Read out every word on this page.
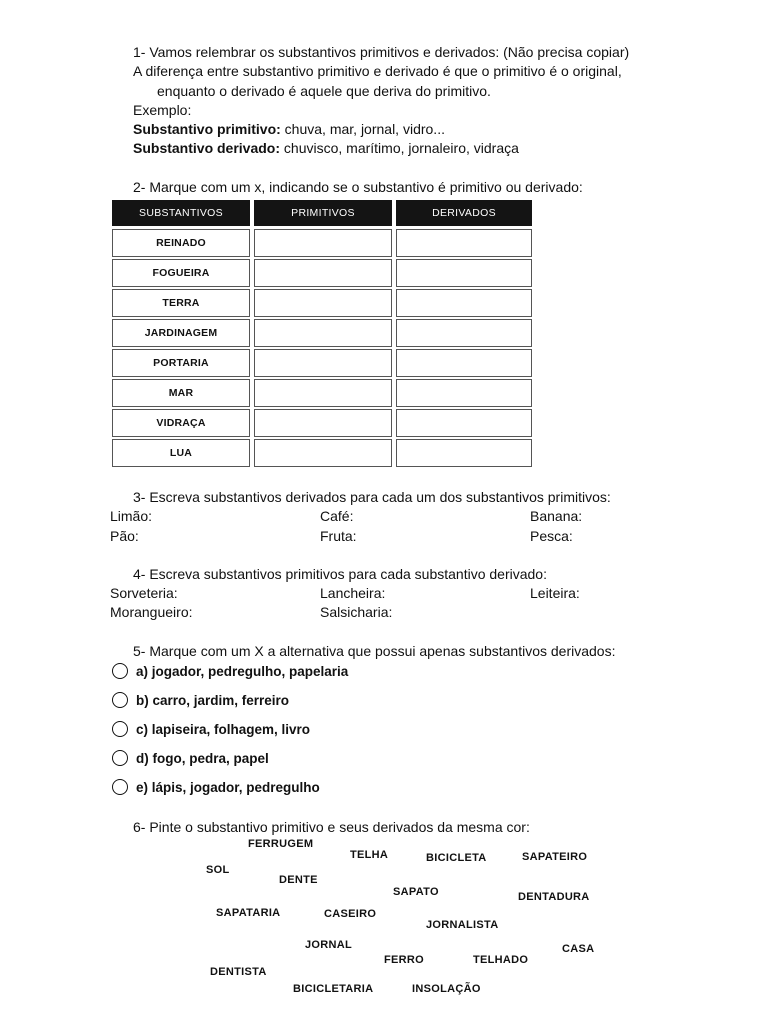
1- Vamos relembrar os substantivos primitivos e derivados: (Não precisa copiar)
A diferença entre substantivo primitivo e derivado é que o primitivo é o original,
enquanto o derivado é aquele que deriva do primitivo.
Exemplo:
Substantivo primitivo: chuva, mar, jornal, vidro...
Substantivo derivado: chuvisco, marítimo, jornaleiro, vidraça
2- Marque com um x, indicando se o substantivo é primitivo ou derivado:
SUBSTANTIVOS	PRIMITIVOS	DERIVADOS
REINADO
FOGUEIRA
TERRA
JARDINAGEM
PORTARIA
MAR
VIDRAÇA
LUA
3- Escreva substantivos derivados para cada um dos substantivos primitivos:
Limão:	Café:	Banana:
Pão:	Fruta:	Pesca:
4- Escreva substantivos primitivos para cada substantivo derivado:
Sorveteria:	Lancheira:	Leiteira:
Morangueiro:	Salsicharia:
5- Marque com um X a alternativa que possui apenas substantivos derivados:
a) jogador, pedregulho, papelaria
b) carro, jardim, ferreiro
c) lapiseira, folhagem, livro
d) fogo, pedra, papel
e) lápis, jogador, pedregulho
6- Pinte o substantivo primitivo e seus derivados da mesma cor:
FERRUGEM
TELHA	BICICLETA	SAPATEIRO
SOL
DENTE
SAPATO	DENTADURA
SAPATARIA	CASEIRO
JORNALISTA
JORNAL	CASA
FERRO	TELHADO
DENTISTA
BICICLETARIA	INSOLAÇÃO
